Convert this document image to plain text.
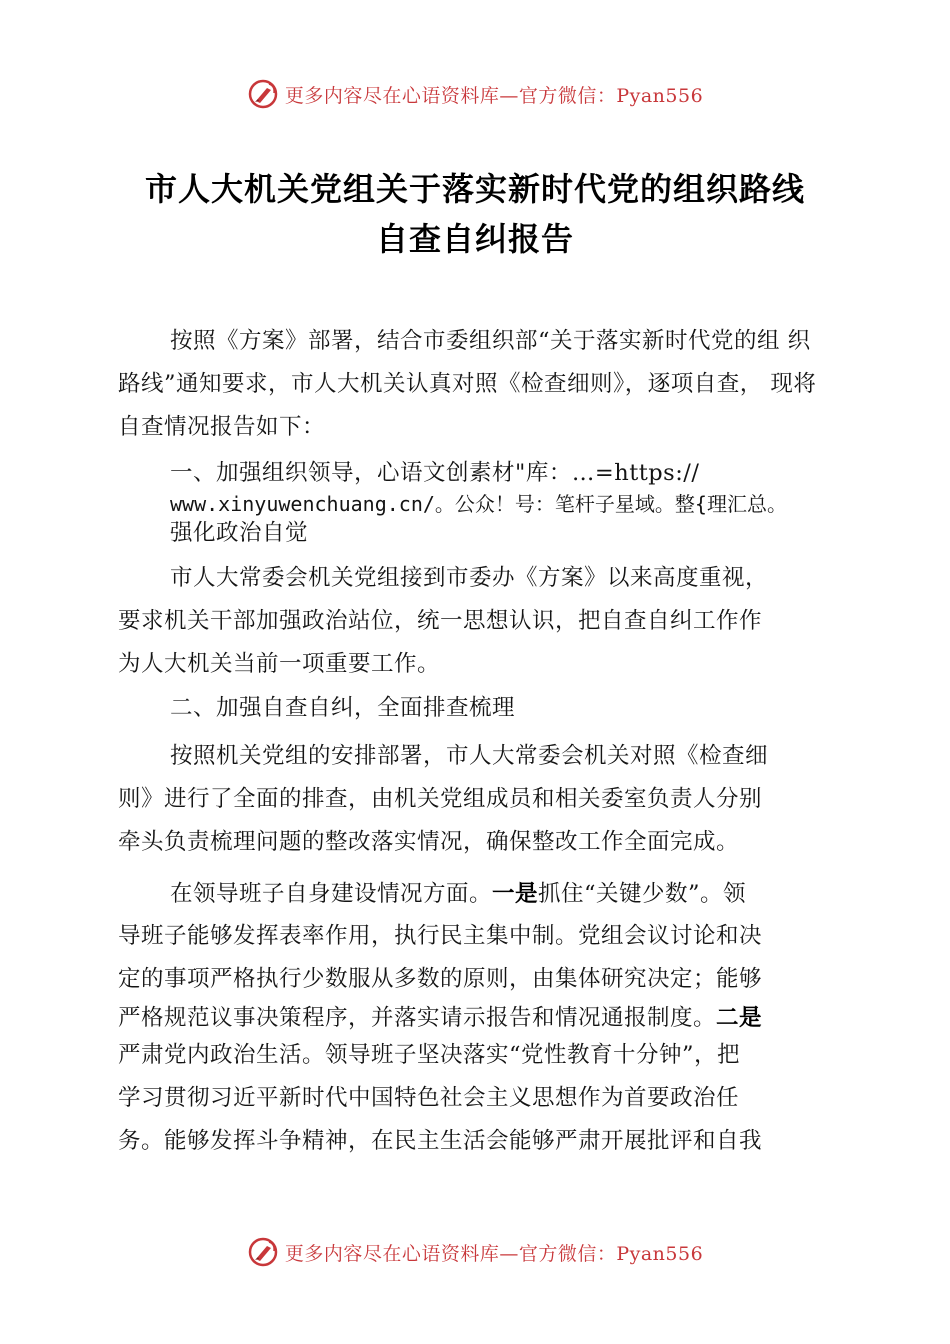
更多内容尽在心语资料库—官方微信：Pyan556
市人大机关党组关于落实新时代党的组织路线
自查自纠报告
按照《方案》部署，结合市委组织部“关于落实新时代党的组 织
路线”通知要求，市人大机关认真对照《检查细则》，逐项自查， 现将
自查情况报告如下：
一、加强组织领导，心语文创素材"库：…=https://
www.xinyuwenchuang.cn/。公众！号：笔杆子星域。整{理汇总。
强化政治自觉
市人大常委会机关党组接到市委办《方案》以来高度重视，
要求机关干部加强政治站位，统一思想认识，把自查自纠工作作
为人大机关当前一项重要工作。
二、加强自查自纠，全面排查梳理
按照机关党组的安排部署，市人大常委会机关对照《检查细
则》进行了全面的排查，由机关党组成员和相关委室负责人分别
牵头负责梳理问题的整改落实情况，确保整改工作全面完成。
在领导班子自身建设情况方面。一是抓住“关键少数”。领
导班子能够发挥表率作用，执行民主集中制。党组会议讨论和决
定的事项严格执行少数服从多数的原则，由集体研究决定；能够
严格规范议事决策程序，并落实请示报告和情况通报制度。二是
严肃党内政治生活。领导班子坚决落实“党性教育十分钟”，把
学习贯彻习近平新时代中国特色社会主义思想作为首要政治任
务。能够发挥斗争精神，在民主生活会能够严肃开展批评和自我
更多内容尽在心语资料库—官方微信：Pyan556
